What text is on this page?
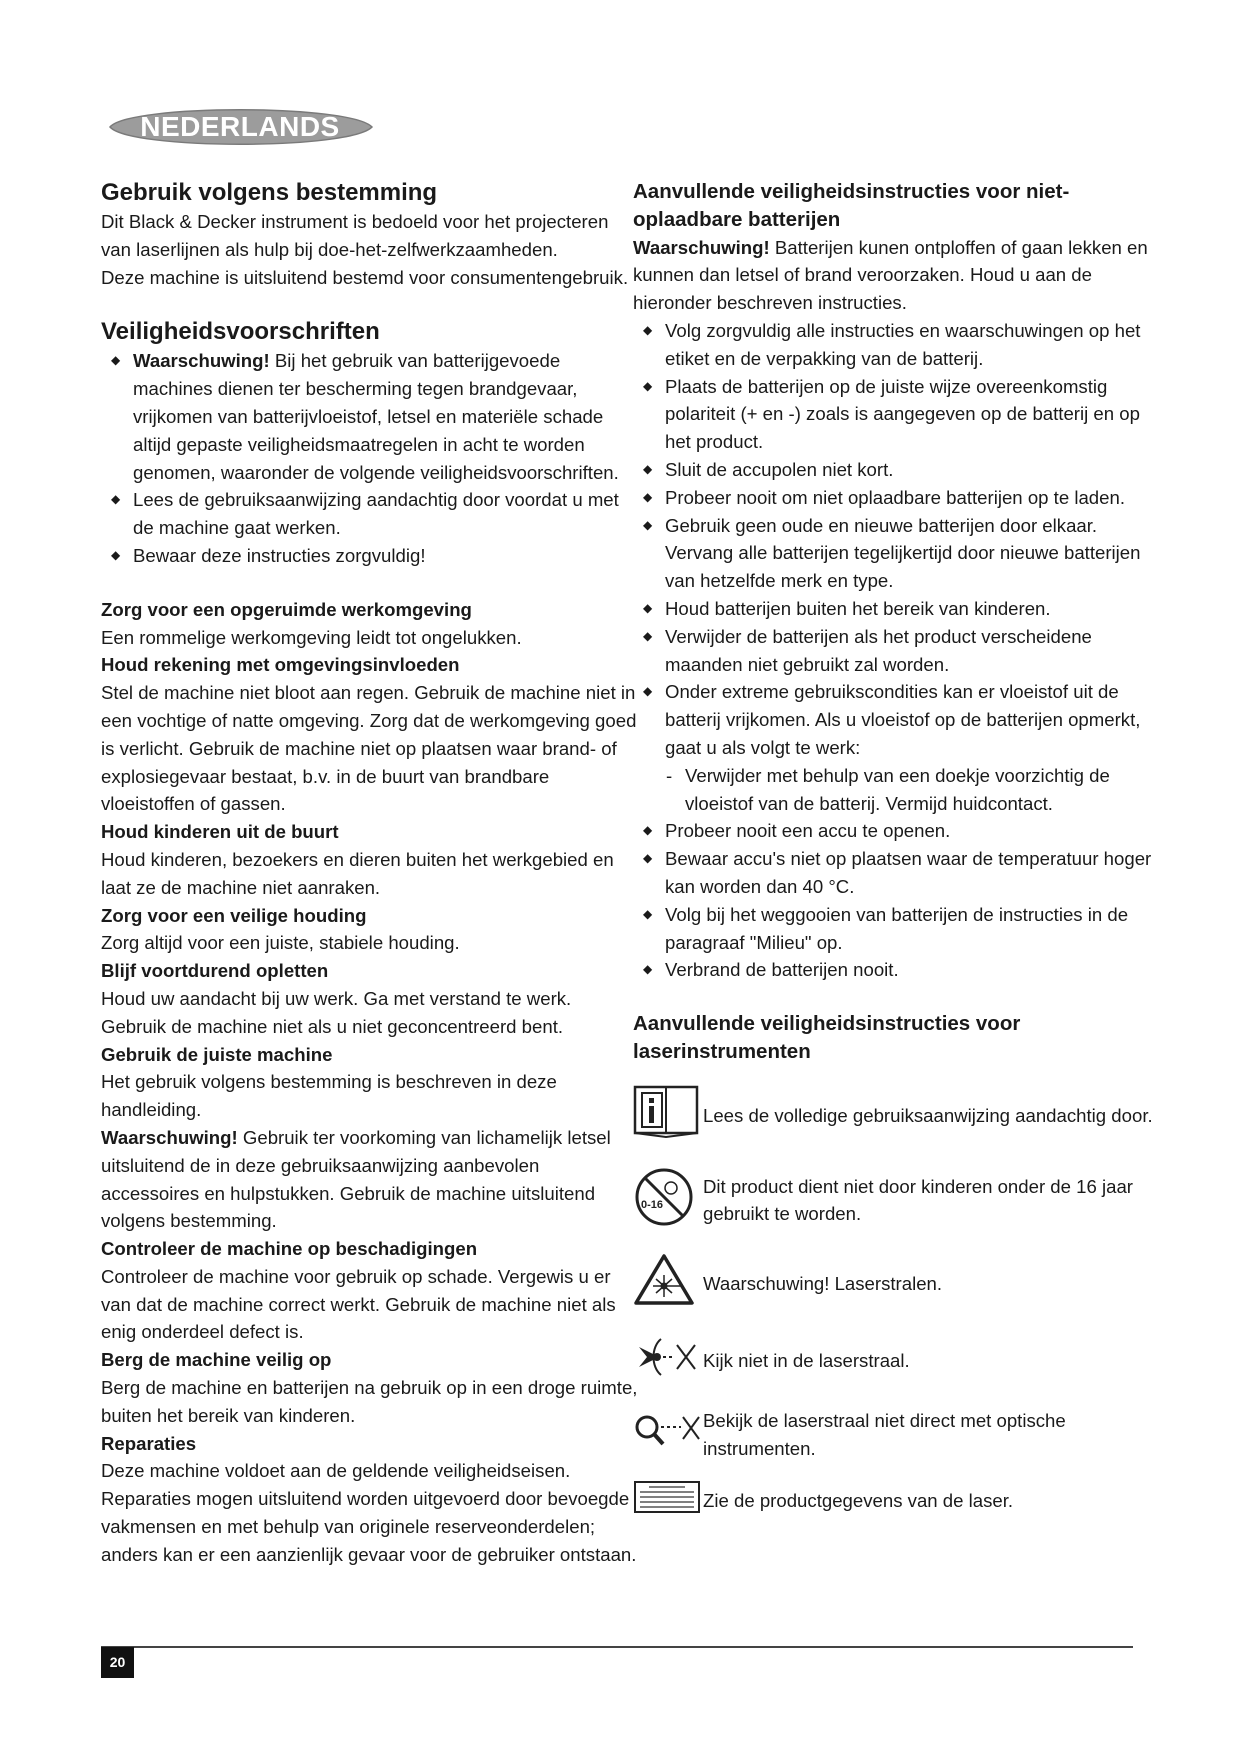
NEDERLANDS
Gebruik volgens bestemming

Dit Black & Decker instrument is bedoeld voor het projecteren van laserlijnen als hulp bij doe-het-zelfwerkzaamheden.

Deze machine is uitsluitend bestemd voor consumentengebruik.

Veiligheidsvoorschriften
◆ Waarschuwing! Bij het gebruik van batterijgevoede machines dienen ter bescherming tegen brandgevaar, vrijkomen van batterijvloeistof, letsel en materiële schade altijd gepaste veiligheidsmaatregelen in acht te worden genomen, waaronder de volgende veiligheidsvoorschriften.
◆ Lees de gebruiksaanwijzing aandachtig door voordat u met de machine gaat werken.
◆ Bewaar deze instructies zorgvuldig!
Zorg voor een opgeruimde werkomgeving

Een rommelige werkomgeving leidt tot ongelukken.

Houd rekening met omgevingsinvloeden

Stel de machine niet bloot aan regen. Gebruik de machine niet in een vochtige of natte omgeving. Zorg dat de werkomgeving goed is verlicht. Gebruik de machine niet op plaatsen waar brand- of explosiegevaar bestaat, b.v. in de buurt van brandbare vloeistoffen of gassen.

Houd kinderen uit de buurt

Houd kinderen, bezoekers en dieren buiten het werkgebied en laat ze de machine niet aanraken.

Zorg voor een veilige houding

Zorg altijd voor een juiste, stabiele houding.

Blijf voortdurend opletten

Houd uw aandacht bij uw werk. Ga met verstand te werk. Gebruik de machine niet als u niet geconcentreerd bent.

Gebruik de juiste machine

Het gebruik volgens bestemming is beschreven in deze handleiding.

Waarschuwing! Gebruik ter voorkoming van lichamelijk letsel uitsluitend de in deze gebruiksaanwijzing aanbevolen accessoires en hulpstukken. Gebruik de machine uitsluitend volgens bestemming.

Controleer de machine op beschadigingen

Controleer de machine voor gebruik op schade. Vergewis u er van dat de machine correct werkt. Gebruik de machine niet als enig onderdeel defect is.

Berg de machine veilig op

Berg de machine en batterijen na gebruik op in een droge ruimte, buiten het bereik van kinderen.

Reparaties

Deze machine voldoet aan de geldende veiligheidseisen. Reparaties mogen uitsluitend worden uitgevoerd door bevoegde vakmensen en met behulp van originele reserveonderdelen; anders kan er een aanzienlijk gevaar voor de gebruiker ontstaan.

Aanvullende veiligheidsinstructies voor niet-oplaadbare batterijen

Waarschuwing! Batterijen kunen ontploffen of gaan lekken en kunnen dan letsel of brand veroorzaken. Houd u aan de hieronder beschreven instructies.

◆ Volg zorgvuldig alle instructies en waarschuwingen op het etiket en de verpakking van de batterij.
◆ Plaats de batterijen op de juiste wijze overeenkomstig polariteit (+ en -) zoals is aangegeven op de batterij en op het product.
◆ Sluit de accupolen niet kort.
◆ Probeer nooit om niet oplaadbare batterijen op te laden.
◆ Gebruik geen oude en nieuwe batterijen door elkaar. Vervang alle batterijen tegelijkertijd door nieuwe batterijen van hetzelfde merk en type.
◆ Houd batterijen buiten het bereik van kinderen.
◆ Verwijder de batterijen als het product verscheidene maanden niet gebruikt zal worden.
◆ Onder extreme gebruikscondities kan er vloeistof uit de batterij vrijkomen. Als u vloeistof op de batterijen opmerkt, gaat u als volgt te werk:
- Verwijder met behulp van een doekje voorzichtig de vloeistof van de batterij. Vermijd huidcontact.
◆ Probeer nooit een accu te openen.
◆ Bewaar accu's niet op plaatsen waar de temperatuur hoger kan worden dan 40 °C.
◆ Volg bij het weggooien van batterijen de instructies in de paragraaf "Milieu" op.
◆ Verbrand de batterijen nooit.
Aanvullende veiligheidsinstructies voor laserinstrumenten
Lees de volledige gebruiksaanwijzing aandachtig door.
0-16
Dit product dient niet door kinderen onder de 16 jaar gebruikt te worden.
Waarschuwing! Laserstralen.
Kijk niet in de laserstraal.
Bekijk de laserstraal niet direct met optische instrumenten.
Zie de productgegevens van de laser.
20
